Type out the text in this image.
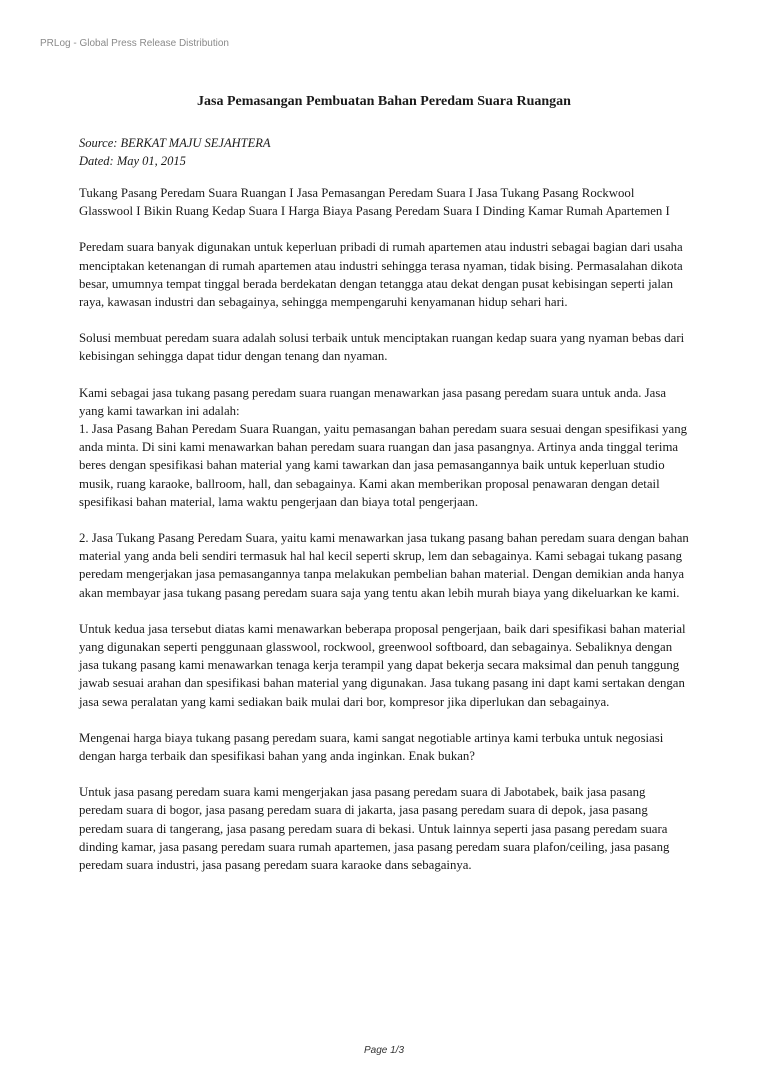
PRLog - Global Press Release Distribution
Jasa Pemasangan Pembuatan Bahan Peredam Suara Ruangan
Source: BERKAT MAJU SEJAHTERA
Dated: May 01, 2015

Tukang Pasang Peredam Suara Ruangan I Jasa Pemasangan Peredam Suara I Jasa Tukang Pasang Rockwool Glasswool I Bikin Ruang Kedap Suara I Harga Biaya Pasang Peredam Suara I Dinding Kamar Rumah Apartemen I

Peredam suara banyak digunakan untuk keperluan pribadi di rumah apartemen atau industri sebagai bagian dari usaha menciptakan ketenangan di rumah apartemen atau industri sehingga terasa nyaman, tidak bising. Permasalahan dikota besar, umumnya tempat tinggal berada berdekatan dengan tetangga atau dekat dengan pusat kebisingan seperti jalan raya, kawasan industri dan sebagainya, sehingga mempengaruhi kenyamanan hidup sehari hari.

Solusi membuat peredam suara adalah solusi terbaik untuk menciptakan ruangan kedap suara yang nyaman bebas dari kebisingan sehingga dapat tidur dengan tenang dan nyaman.

Kami sebagai jasa tukang pasang peredam suara ruangan menawarkan jasa pasang peredam suara untuk anda. Jasa yang kami tawarkan ini adalah:

1. Jasa Pasang Bahan Peredam Suara Ruangan, yaitu pemasangan bahan peredam suara sesuai dengan spesifikasi yang anda minta. Di sini kami menawarkan bahan peredam suara ruangan dan jasa pasangnya. Artinya anda tinggal terima beres dengan spesifikasi bahan material yang kami tawarkan dan jasa pemasangannya baik untuk keperluan studio musik, ruang karaoke, ballroom, hall, dan sebagainya. Kami akan memberikan proposal penawaran dengan detail spesifikasi bahan material, lama waktu pengerjaan dan biaya total pengerjaan.

2. Jasa Tukang Pasang Peredam Suara, yaitu kami menawarkan jasa tukang pasang bahan peredam suara dengan bahan material yang anda beli sendiri termasuk hal hal kecil seperti skrup, lem dan sebagainya. Kami sebagai tukang pasang peredam mengerjakan jasa pemasangannya tanpa melakukan pembelian bahan material. Dengan demikian anda hanya akan membayar jasa tukang pasang peredam suara saja yang tentu akan lebih murah biaya yang dikeluarkan ke kami.

Untuk kedua jasa tersebut diatas kami menawarkan beberapa proposal pengerjaan, baik dari spesifikasi bahan material yang digunakan seperti penggunaan glasswool, rockwool, greenwool softboard, dan sebagainya. Sebaliknya dengan jasa tukang pasang kami menawarkan tenaga kerja terampil yang dapat bekerja secara maksimal dan penuh tanggung jawab sesuai arahan dan spesifikasi bahan material yang digunakan. Jasa tukang pasang ini dapt kami sertakan dengan jasa sewa peralatan yang kami sediakan baik mulai dari bor, kompresor jika diperlukan dan sebagainya.

Mengenai harga biaya tukang pasang peredam suara, kami sangat negotiable artinya kami terbuka untuk negosiasi dengan harga terbaik dan spesifikasi bahan yang anda inginkan. Enak bukan?

Untuk jasa pasang peredam suara kami mengerjakan jasa pasang peredam suara di Jabotabek, baik jasa pasang peredam suara di bogor, jasa pasang peredam suara di jakarta, jasa pasang peredam suara di depok, jasa pasang peredam suara di tangerang, jasa pasang peredam suara di bekasi. Untuk lainnya seperti jasa pasang peredam suara dinding kamar, jasa pasang peredam suara rumah apartemen, jasa pasang peredam suara plafon/ceiling, jasa pasang peredam suara industri, jasa pasang peredam suara karaoke dans sebagainya.

Page 1/3
